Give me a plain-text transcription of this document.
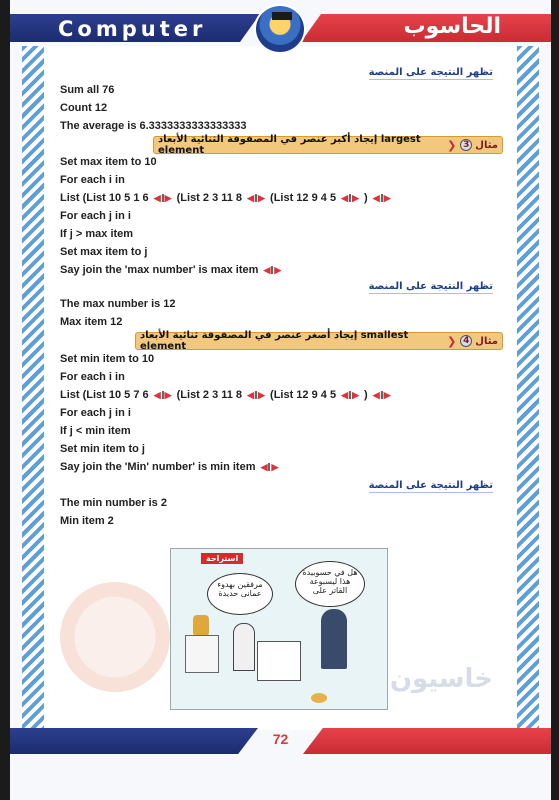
Computer	الحاسوب
تظهر النتيجة على المنصة
Sum all 76
Count 12
The average is 6.3333333333333333
إيجاد أكبر عنصر في المصفوفة الثنائية الأبعاد largest element	❯ 3 مثال
Set max item to 10
For each i in
List (List 10 5 1 6 ◀ ▶ (List 2 3 11 8 ◀ ▶ (List 12 9 4 5 ◀ ▶ ) ◀ ▶
For each j in i
If j > max item
Set max item to j
Say join the 'max number' is max item ◀ ▶
تظهر النتيجة على المنصة
The max number is 12
Max item 12
إيجاد أصغر عنصر في المصفوفة ثنائية الأبعاد smallest element	❯ 4 مثال
Set min item to 10
For each i in
List (List 10 5 7 6 ◀ ▶ (List 2 3 11 8 ◀ ▶ (List 12 9 4 5 ◀ ▶ ) ◀ ▶
For each j in i
If j < min item
Set min item to j
Say join the 'Min' number' is min item ◀ ▶
تظهر النتيجة على المنصة
The min number is 2
Min item 2
استراحة
مرفقين بهدوء عمانى حديدة
هل في حسوبيدة هذا ليسبوعة القاتر على
خاسيون
72
